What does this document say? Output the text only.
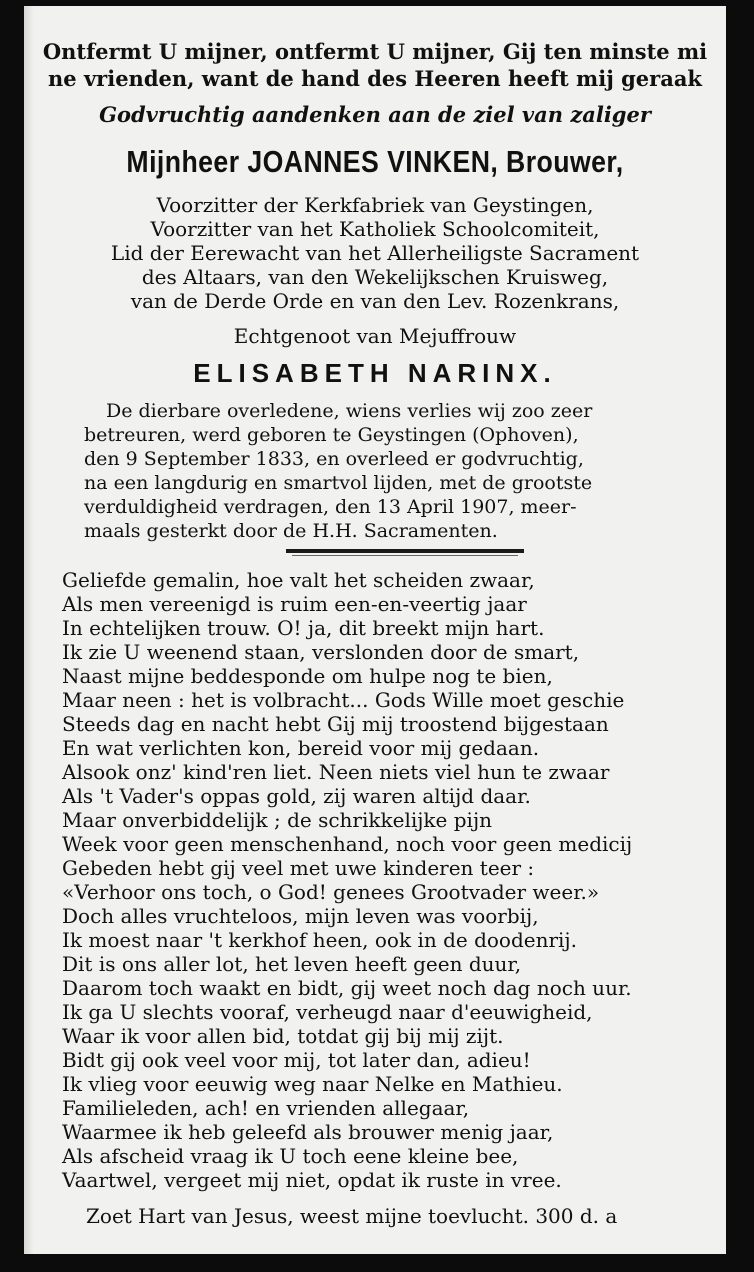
Ontfermt U mijner, ontfermt U mijner, Gij ten minste mi
ne vrienden, want de hand des Heeren heeft mij geraak
Godvruchtig aandenken aan de ziel van zaliger
Mijnheer JOANNES VINKEN, Brouwer,
Voorzitter der Kerkfabriek van Geystingen,
Voorzitter van het Katholiek Schoolcomiteit,
Lid der Eerewacht van het Allerheiligste Sacrament
des Altaars, van den Wekelijkschen Kruisweg,
van de Derde Orde en van den Lev. Rozenkrans,
Echtgenoot van Mejuffrouw
ELISABETH NARINX.
De dierbare overledene, wiens verlies wij zoo zeer
betreuren, werd geboren te Geystingen (Ophoven),
den 9 September 1833, en overleed er godvruchtig,
na een langdurig en smartvol lijden, met de grootste
verduldigheid verdragen, den 13 April 1907, meer-
maals gesterkt door de H.H. Sacramenten.
Geliefde gemalin, hoe valt het scheiden zwaar,
Als men vereenigd is ruim een-en-veertig jaar
In echtelijken trouw. O! ja, dit breekt mijn hart.
Ik zie U weenend staan, verslonden door de smart,
Naast mijne beddesponde om hulpe nog te bien,
Maar neen : het is volbracht... Gods Wille moet geschie
Steeds dag en nacht hebt Gij mij troostend bijgestaan
En wat verlichten kon, bereid voor mij gedaan.
Alsook onz' kind'ren liet. Neen niets viel hun te zwaar
Als 't Vader's oppas gold, zij waren altijd daar.
Maar onverbiddelijk ; de schrikkelijke pijn
Week voor geen menschenhand, noch voor geen medicij
Gebeden hebt gij veel met uwe kinderen teer :
«Verhoor ons toch, o God! genees Grootvader weer.»
Doch alles vruchteloos, mijn leven was voorbij,
Ik moest naar 't kerkhof heen, ook in de doodenrij.
Dit is ons aller lot, het leven heeft geen duur,
Daarom toch waakt en bidt, gij weet noch dag noch uur.
Ik ga U slechts vooraf, verheugd naar d'eeuwigheid,
Waar ik voor allen bid, totdat gij bij mij zijt.
Bidt gij ook veel voor mij, tot later dan, adieu!
Ik vlieg voor eeuwig weg naar Nelke en Mathieu.
Familieleden, ach! en vrienden allegaar,
Waarmee ik heb geleefd als brouwer menig jaar,
Als afscheid vraag ik U toch eene kleine bee,
Vaartwel, vergeet mij niet, opdat ik ruste in vree.
Zoet Hart van Jesus, weest mijne toevlucht. 300 d. a
